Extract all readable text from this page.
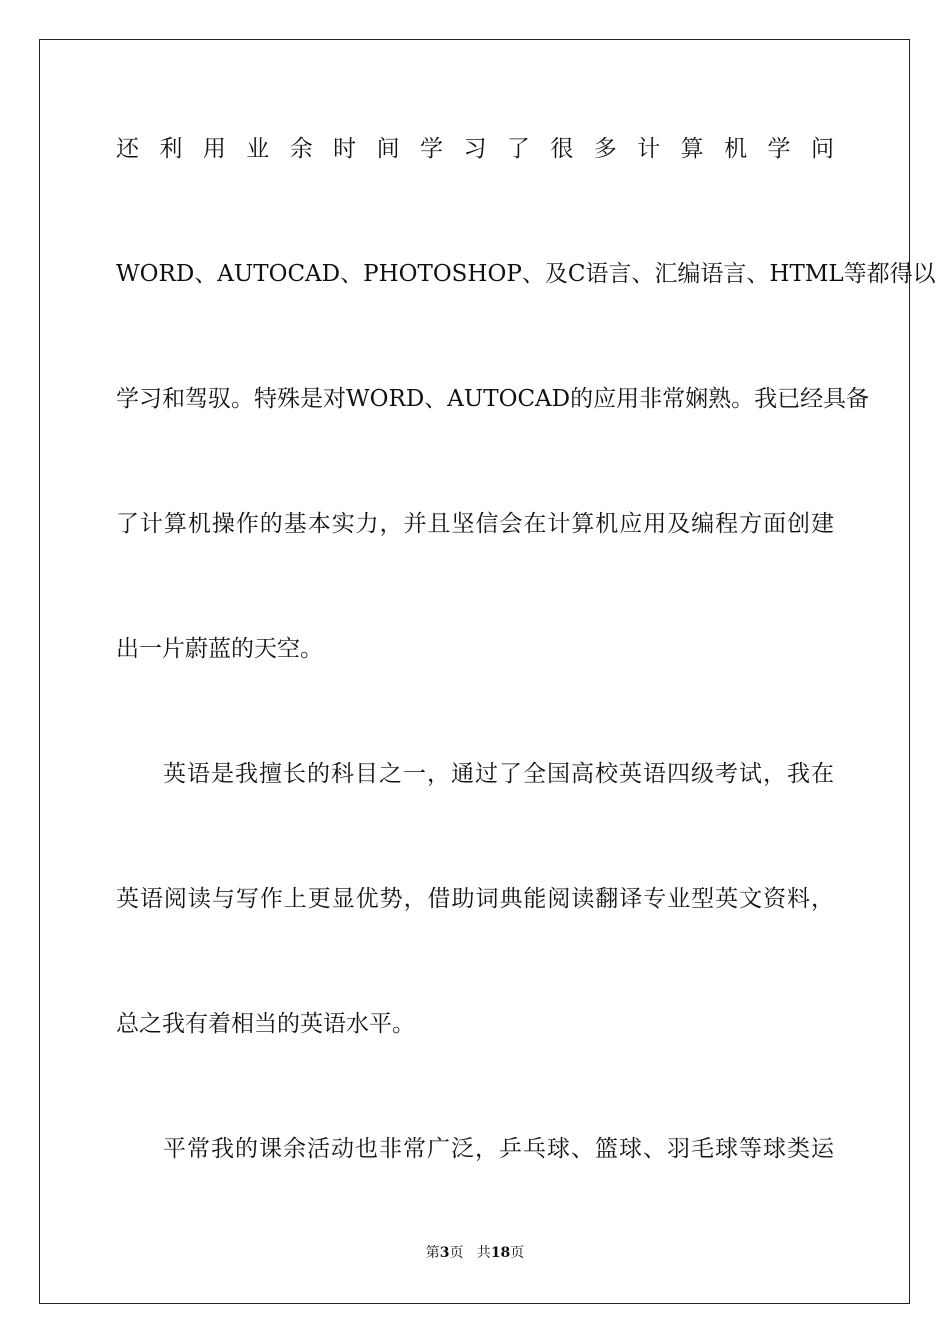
还 利 用 业 余 时 间 学 习 了 很 多 计 算 机 学 问
WORD、AUTOCAD、PHOTOSHOP、及C语言、汇编语言、HTML等都得以
学习和驾驭。特殊是对WORD、AUTOCAD的应用非常娴熟。我已经具备
了计算机操作的基本实力，并且坚信会在计算机应用及编程方面创建
出一片蔚蓝的天空。
英语是我擅长的科目之一，通过了全国高校英语四级考试，我在
英语阅读与写作上更显优势，借助词典能阅读翻译专业型英文资料，
总之我有着相当的英语水平。
平常我的课余活动也非常广泛，乒乓球、篮球、羽毛球等球类运
第3页   共18页
